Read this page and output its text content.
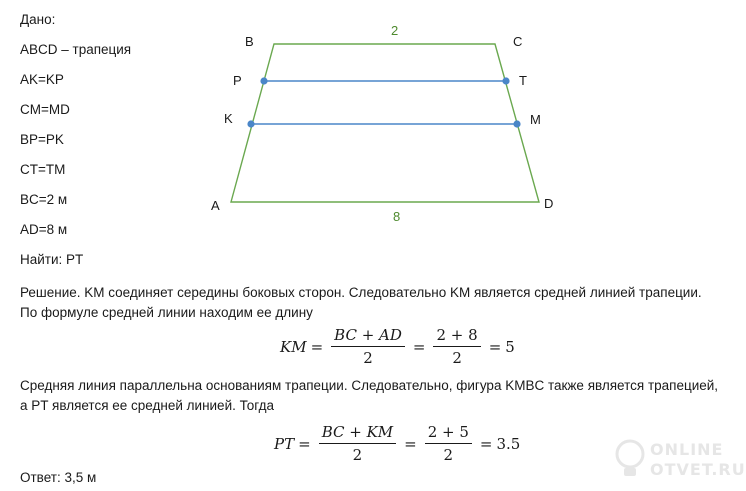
Дано:
ABCD – трапеция
AK=KP
CM=MD
BP=PK
CT=TM
BC=2 м
AD=8 м
Найти: PT
B	C
P	T
K	M
A	D
2
8
Решение. KM соединяет середины боковых сторон. Следовательно KM является средней линией трапеции. По формуле средней линии находим ее длину
KM = $\frac{BC + AD}{2} = \frac{2 + 8}{2} = 5$
Средняя линия параллельна основаниям трапеции. Следовательно, фигура KMBC также является трапецией, а PT является ее средней линией. Тогда
PT = $\frac{BC + KM}{2} = \frac{2 + 5}{2} = 3.5$
Ответ: 3,5 м
ONLINE
OTVET.RU
